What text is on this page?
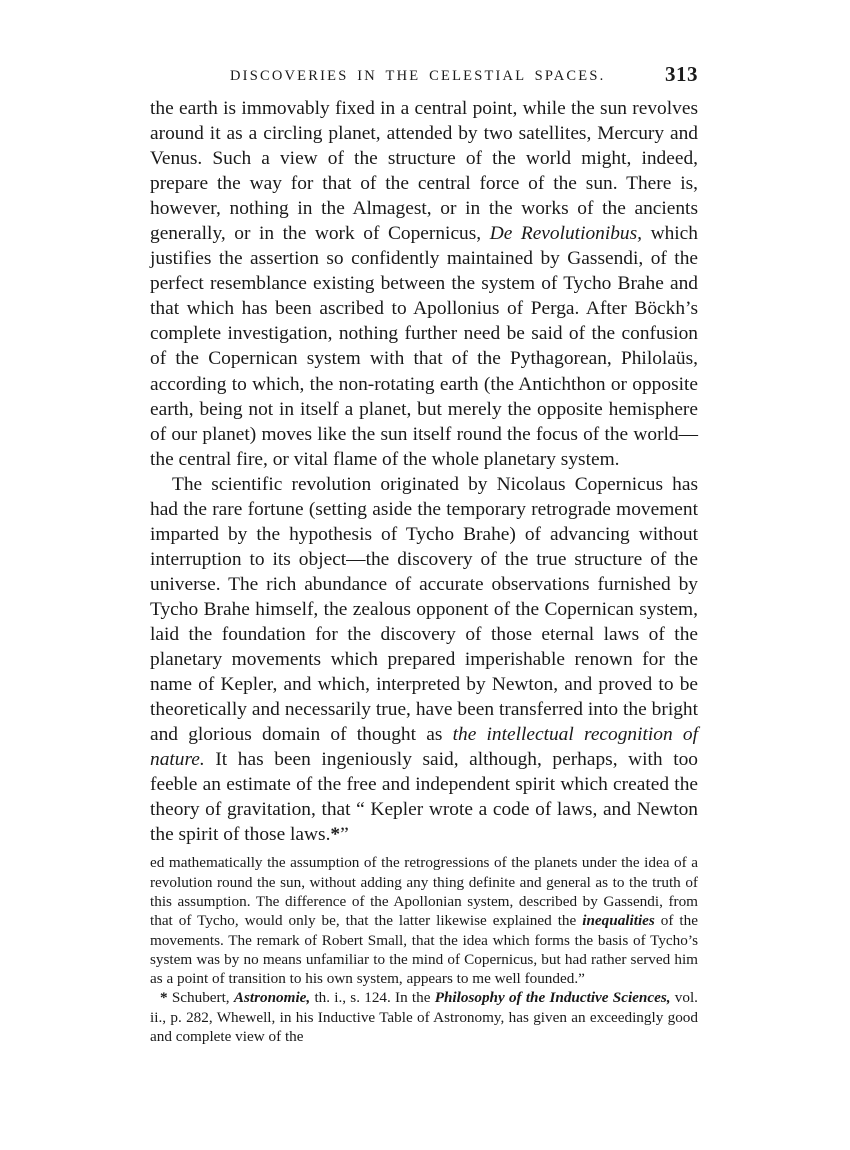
DISCOVERIES IN THE CELESTIAL SPACES.	313

the earth is immovably fixed in a central point, while the sun revolves around it as a circling planet, attended by two satellites, Mercury and Venus. Such a view of the structure of the world might, indeed, prepare the way for that of the central force of the sun. There is, however, nothing in the Almagest, or in the works of the ancients generally, or in the work of Copernicus, De Revolutionibus, which justifies the assertion so confidently maintained by Gassendi, of the perfect resemblance existing between the system of Tycho Brahe and that which has been ascribed to Apollonius of Perga. After Böckh’s complete investigation, nothing further need be said of the confusion of the Copernican system with that of the Pythagorean, Philolaüs, according to which, the non-rotating earth (the Antichthon or opposite earth, being not in itself a planet, but merely the opposite hemisphere of our planet) moves like the sun itself round the focus of the world—the central fire, or vital flame of the whole planetary system.

The scientific revolution originated by Nicolaus Copernicus has had the rare fortune (setting aside the temporary retrograde movement imparted by the hypothesis of Tycho Brahe) of advancing without interruption to its object—the discovery of the true structure of the universe. The rich abundance of accurate observations furnished by Tycho Brahe himself, the zealous opponent of the Copernican system, laid the foundation for the discovery of those eternal laws of the planetary movements which prepared imperishable renown for the name of Kepler, and which, interpreted by Newton, and proved to be theoretically and necessarily true, have been transferred into the bright and glorious domain of thought as the intellectual recognition of nature. It has been ingeniously said, although, perhaps, with too feeble an estimate of the free and independent spirit which created the theory of gravitation, that “ Kepler wrote a code of laws, and Newton the spirit of those laws.*”

ed mathematically the assumption of the retrogressions of the planets under the idea of a revolution round the sun, without adding any thing definite and general as to the truth of this assumption. The difference of the Apollonian system, described by Gassendi, from that of Tycho, would only be, that the latter likewise explained the inequalities of the movements. The remark of Robert Small, that the idea which forms the basis of Tycho’s system was by no means unfamiliar to the mind of Copernicus, but had rather served him as a point of transition to his own system, appears to me well founded.”

* Schubert, Astronomie, th. i., s. 124. In the Philosophy of the Inductive Sciences, vol. ii., p. 282, Whewell, in his Inductive Table of Astronomy, has given an exceedingly good and complete view of the
